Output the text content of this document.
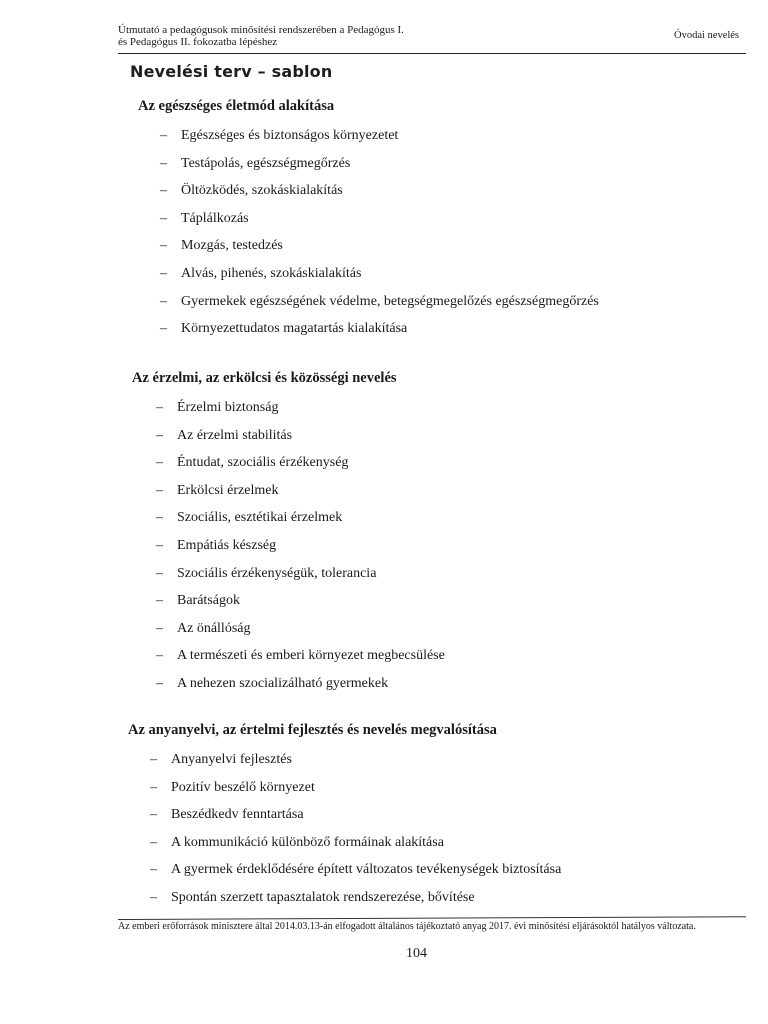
Útmutató a pedagógusok minősítési rendszerében a Pedagógus I.
és Pedagógus II. fokozatba lépéshez
Óvodai nevelés
Nevelési terv – sablon
Az egészséges életmód alakítása
–	Egészséges és biztonságos környezetet
–	Testápolás, egészségmegőrzés
–	Öltözködés, szokáskialakítás
–	Táplálkozás
–	Mozgás, testedzés
–	Alvás, pihenés, szokáskialakítás
–	Gyermekek egészségének védelme, betegségmegelőzés egészségmegőrzés
–	Környezettudatos magatartás kialakítása
Az érzelmi, az erkölcsi és közösségi nevelés
–	Érzelmi biztonság
–	Az érzelmi stabilitás
–	Éntudat, szociális érzékenység
–	Erkölcsi érzelmek
–	Szociális, esztétikai érzelmek
–	Empátiás készség
–	Szociális érzékenységük, tolerancia
–	Barátságok
–	Az önállóság
–	A természeti és emberi környezet megbecsülése
–	A nehezen szocializálható gyermekek
Az anyanyelvi, az értelmi fejlesztés és nevelés megvalósítása
–	Anyanyelvi fejlesztés
–	Pozitív beszélő környezet
–	Beszédkedv fenntartása
–	A kommunikáció különböző formáinak alakítása
–	A gyermek érdeklődésére épített változatos tevékenységek biztosítása
–	Spontán szerzett tapasztalatok rendszerezése, bővítése
Az emberi erőforrások minisztere által 2014.03.13-án elfogadott általános tájékoztató anyag 2017. évi minősítési eljárásoktól hatályos változata.
104
